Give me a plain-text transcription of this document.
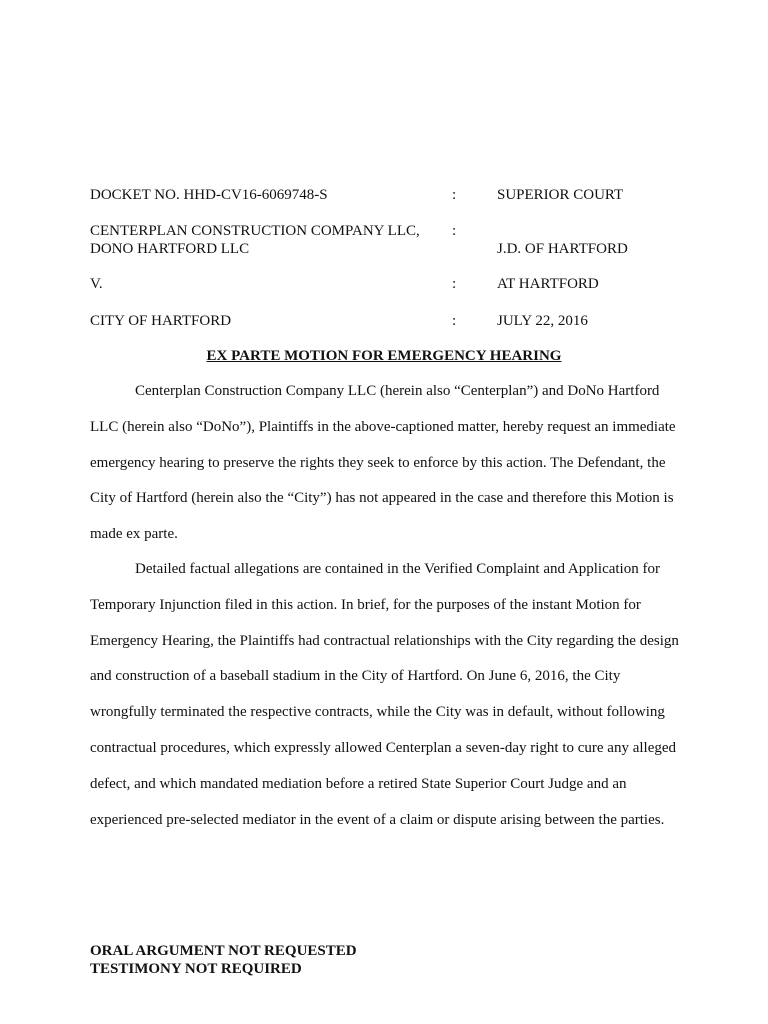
DOCKET NO. HHD-CV16-6069748-S	:	SUPERIOR COURT
CENTERPLAN CONSTRUCTION COMPANY LLC, :
DONO HARTFORD LLC	J.D. OF HARTFORD
V.	:	AT HARTFORD
CITY OF HARTFORD	:	JULY 22, 2016
EX PARTE MOTION FOR EMERGENCY HEARING

Centerplan Construction Company LLC (herein also “Centerplan”) and DoNo Hartford LLC (herein also “DoNo”), Plaintiffs in the above-captioned matter, hereby request an immediate emergency hearing to preserve the rights they seek to enforce by this action. The Defendant, the City of Hartford (herein also the “City”) has not appeared in the case and therefore this Motion is made ex parte.

Detailed factual allegations are contained in the Verified Complaint and Application for Temporary Injunction filed in this action. In brief, for the purposes of the instant Motion for Emergency Hearing, the Plaintiffs had contractual relationships with the City regarding the design and construction of a baseball stadium in the City of Hartford. On June 6, 2016, the City wrongfully terminated the respective contracts, while the City was in default, without following contractual procedures, which expressly allowed Centerplan a seven-day right to cure any alleged defect, and which mandated mediation before a retired State Superior Court Judge and an experienced pre-selected mediator in the event of a claim or dispute arising between the parties.

ORAL ARGUMENT NOT REQUESTED
TESTIMONY NOT REQUIRED
